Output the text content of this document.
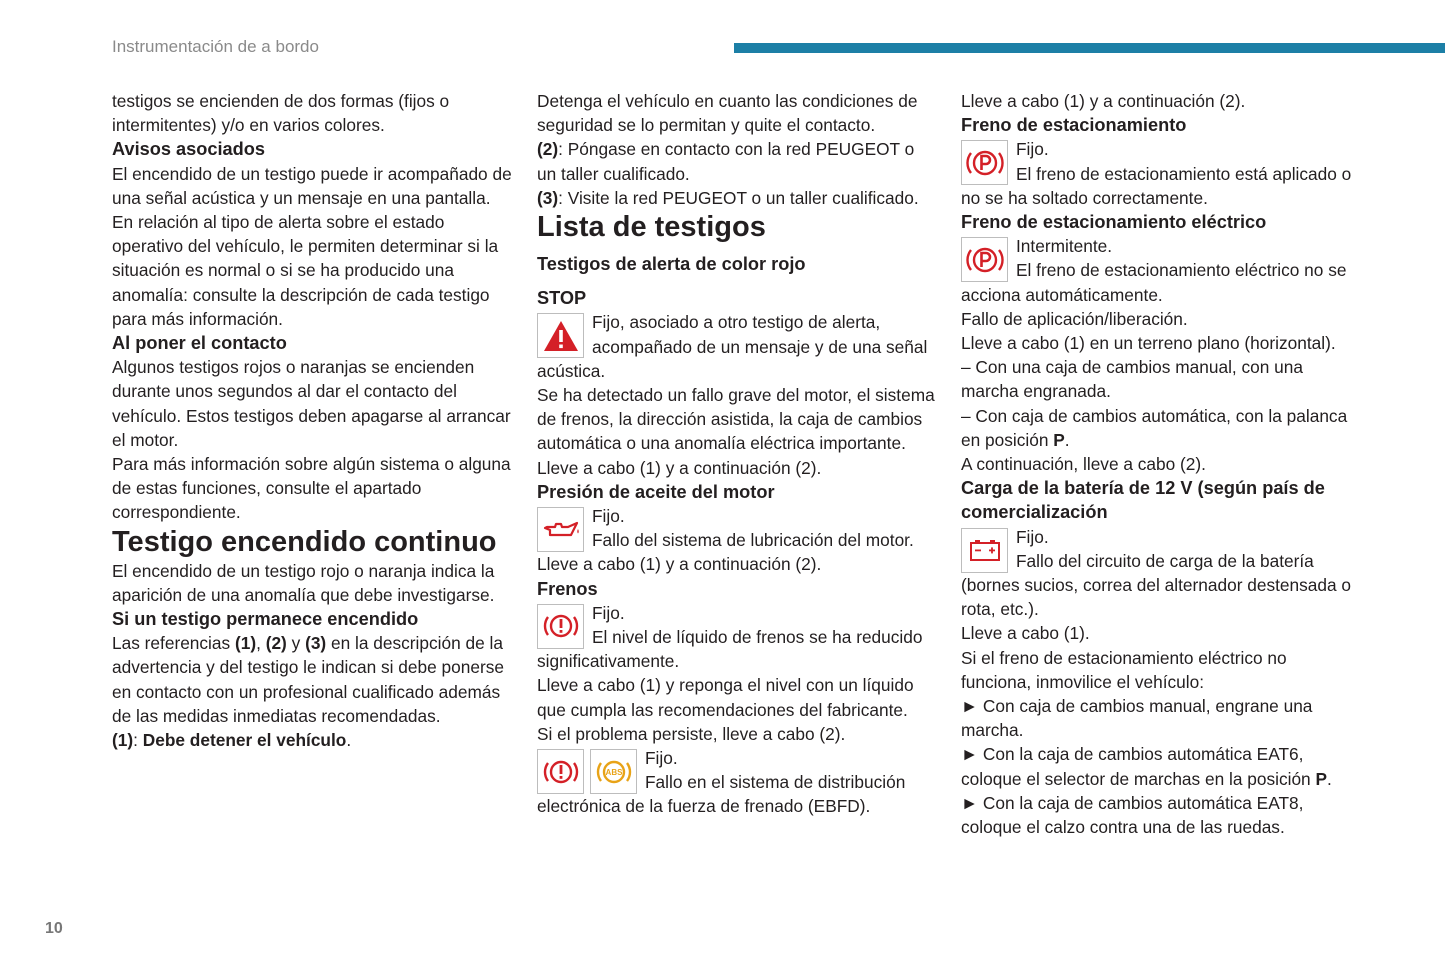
Instrumentación de a bordo

testigos se encienden de dos formas (fijos o intermitentes) y/o en varios colores.

Avisos asociados

El encendido de un testigo puede ir acompañado de una señal acústica y un mensaje en una pantalla.

En relación al tipo de alerta sobre el estado operativo del vehículo, le permiten determinar si la situación es normal o si se ha producido una anomalía: consulte la descripción de cada testigo para más información.

Al poner el contacto

Algunos testigos rojos o naranjas se encienden durante unos segundos al dar el contacto del vehículo. Estos testigos deben apagarse al arrancar el motor.

Para más información sobre algún sistema o alguna de estas funciones, consulte el apartado correspondiente.

Testigo encendido continuo

El encendido de un testigo rojo o naranja indica la aparición de una anomalía que debe investigarse.

Si un testigo permanece encendido

Las referencias (1), (2) y (3) en la descripción de la advertencia y del testigo le indican si debe ponerse en contacto con un profesional cualificado además de las medidas inmediatas recomendadas.

(1): Debe detener el vehículo.

Detenga el vehículo en cuanto las condiciones de seguridad se lo permitan y quite el contacto.

(2): Póngase en contacto con la red PEUGEOT o un taller cualificado.

(3): Visite la red PEUGEOT o un taller cualificado.

Lista de testigos

Testigos de alerta de color rojo

STOP

Fijo, asociado a otro testigo de alerta, acompañado de un mensaje y de una señal acústica.

Se ha detectado un fallo grave del motor, el sistema de frenos, la dirección asistida, la caja de cambios automática o una anomalía eléctrica importante.

Lleve a cabo (1) y a continuación (2).

Presión de aceite del motor

Fijo.
Fallo del sistema de lubricación del motor.

Lleve a cabo (1) y a continuación (2).

Frenos

Fijo.
El nivel de líquido de frenos se ha reducido significativamente.

Lleve a cabo (1) y reponga el nivel con un líquido que cumpla las recomendaciones del fabricante.

Si el problema persiste, lleve a cabo (2).

ABS
Fijo.
Fallo en el sistema de distribución electrónica de la fuerza de frenado (EBFD).

Lleve a cabo (1) y a continuación (2).

Freno de estacionamiento

Fijo.
El freno de estacionamiento está aplicado o no se ha soltado correctamente.

Freno de estacionamiento eléctrico

Intermitente.
El freno de estacionamiento eléctrico no se acciona automáticamente.

Fallo de aplicación/liberación.

Lleve a cabo (1) en un terreno plano (horizontal).

– Con una caja de cambios manual, con una marcha engranada.

– Con caja de cambios automática, con la palanca en posición P.

A continuación, lleve a cabo (2).

Carga de la batería de 12 V (según país de comercialización

Fijo.
Fallo del circuito de carga de la batería (bornes sucios, correa del alternador destensada o rota, etc.).

Lleve a cabo (1).

Si el freno de estacionamiento eléctrico no funciona, inmovilice el vehículo:

► Con caja de cambios manual, engrane una marcha.

► Con la caja de cambios automática EAT6, coloque el selector de marchas en la posición P.

► Con la caja de cambios automática EAT8, coloque el calzo contra una de las ruedas.

10
